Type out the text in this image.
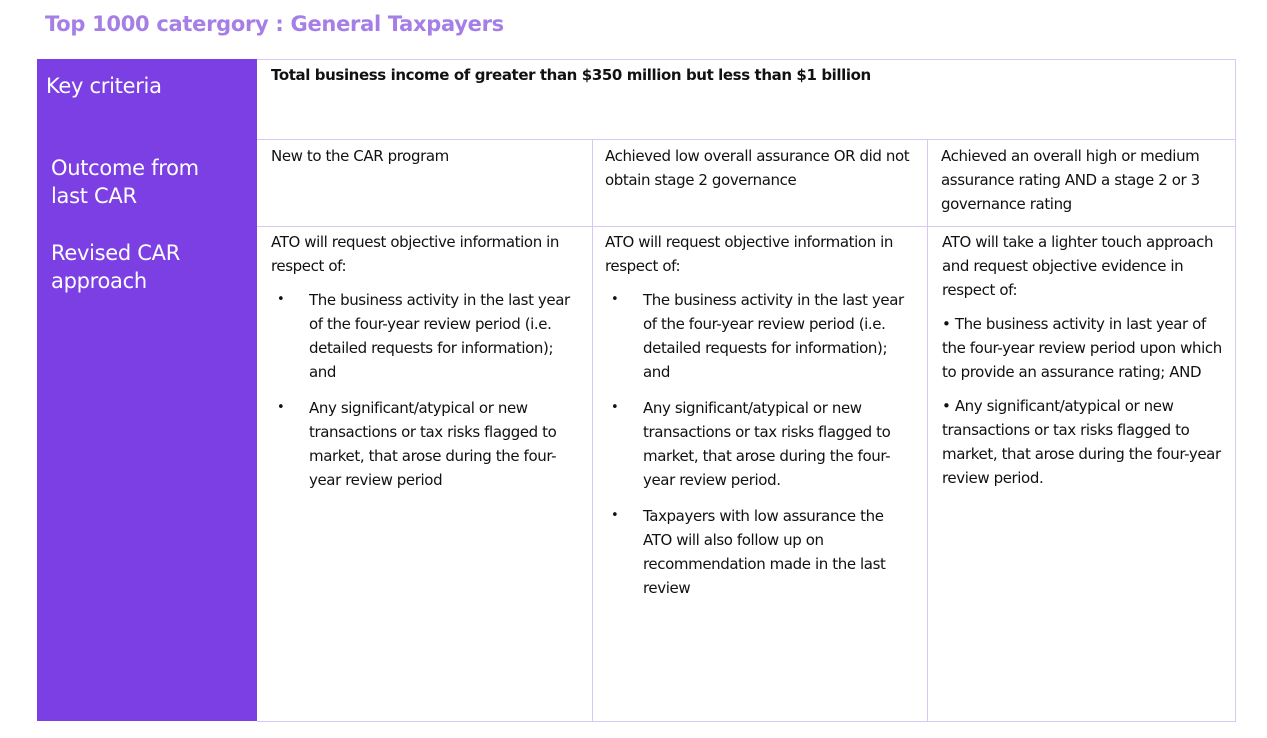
Top 1000 catergory : General Taxpayers
Key criteria
Outcome from last CAR
Revised CAR approach
Total business income of greater than $350 million but less than $1 billion
New to the CAR program	Achieved low overall assurance OR did not obtain stage 2 governance
Achieved an overall high or medium assurance rating AND a stage 2 or 3 governance rating
ATO will request objective information in respect of:
• The business activity in the last year of the four-year review period (i.e. detailed requests for information); and
• Any significant/atypical or new transactions or tax risks flagged to market, that arose during the four-year review period
ATO will request objective information in respect of:
• The business activity in the last year of the four-year review period (i.e. detailed requests for information); and
• Any significant/atypical or new transactions or tax risks flagged to market, that arose during the four-year review period.
• Taxpayers with low assurance the ATO will also follow up on recommendation made in the last review
ATO will take a lighter touch approach and request objective evidence in respect of:
• The business activity in last year of the four-year review period upon which to provide an assurance rating; AND
• Any significant/atypical or new transactions or tax risks flagged to market, that arose during the four-year review period.
